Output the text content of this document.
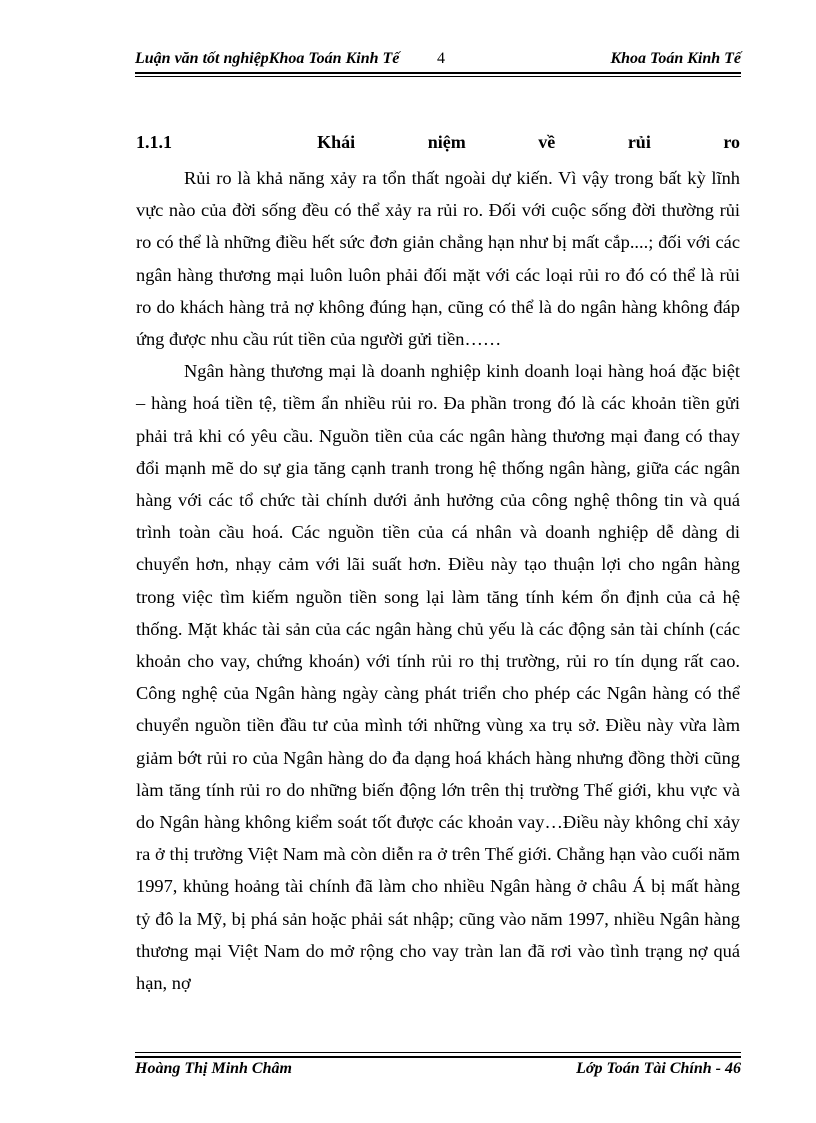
Luận văn tốt nghiệpKhoa Toán Kinh Tế 4	Khoa Toán Kinh Tế
1.1.1	Khái	niệm	về	rủi	ro

Rủi ro là khả năng xảy ra tổn thất ngoài dự kiến. Vì vậy trong bất kỳ lĩnh vực nào của đời sống đều có thể xảy ra rủi ro. Đối với cuộc sống đời thường rủi ro có thể là những điều hết sức đơn giản chẳng hạn như bị mất cắp....; đối với các ngân hàng thương mại luôn luôn phải đối mặt với các loại rủi ro đó có thể là rủi ro do khách hàng trả nợ không đúng hạn, cũng có thể là do ngân hàng không đáp ứng được nhu cầu rút tiền của người gửi tiền……

Ngân hàng thương mại là doanh nghiệp kinh doanh loại hàng hoá đặc biệt – hàng hoá tiền tệ, tiềm ẩn nhiều rủi ro. Đa phần trong đó là các khoản tiền gửi phải trả khi có yêu cầu. Nguồn tiền của các ngân hàng thương mại đang có thay đổi mạnh mẽ do sự gia tăng cạnh tranh trong hệ thống ngân hàng, giữa các ngân hàng với các tổ chức tài chính dưới ảnh hưởng của công nghệ thông tin và quá trình toàn cầu hoá. Các nguồn tiền của cá nhân và doanh nghiệp dễ dàng di chuyển hơn, nhạy cảm với lãi suất hơn. Điều này tạo thuận lợi cho ngân hàng trong việc tìm kiếm nguồn tiền song lại làm tăng tính kém ổn định của cả hệ thống. Mặt khác tài sản của các ngân hàng chủ yếu là các động sản tài chính (các khoản cho vay, chứng khoán) với tính rủi ro thị trường, rủi ro tín dụng rất cao. Công nghệ của Ngân hàng ngày càng phát triển cho phép các Ngân hàng có thể chuyển nguồn tiền đầu tư của mình tới những vùng xa trụ sở. Điều này vừa làm giảm bớt rủi ro của Ngân hàng do đa dạng hoá khách hàng nhưng đồng thời cũng làm tăng tính rủi ro do những biến động lớn trên thị trường Thế giới, khu vực và do Ngân hàng không kiểm soát tốt được các khoản vay…Điều này không chỉ xảy ra ở thị trường Việt Nam mà còn diễn ra ở trên Thế giới. Chẳng hạn vào cuối năm 1997, khủng hoảng tài chính đã làm cho nhiều Ngân hàng ở châu Á bị mất hàng tỷ đô la Mỹ, bị phá sản hoặc phải sát nhập; cũng vào năm 1997, nhiều Ngân hàng thương mại Việt Nam do mở rộng cho vay tràn lan đã rơi vào tình trạng nợ quá hạn, nợ

Hoàng Thị Minh Châm	Lớp Toán Tài Chính - 46
